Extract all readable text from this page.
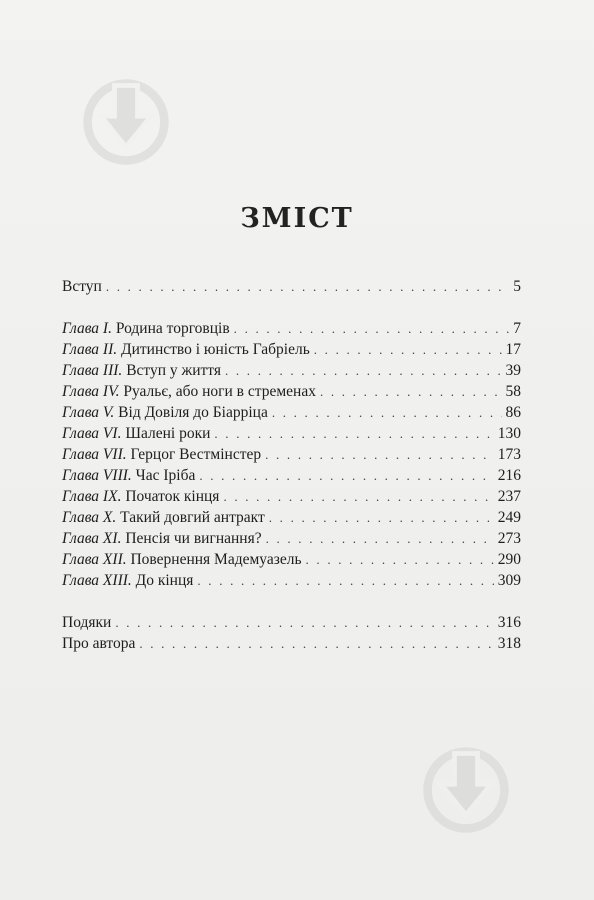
ЗМІСТ
Вступ . . .	5
Глава I. Родина торговців . . .	7
Глава II. Дитинство і юність Габріель . . .	17
Глава III. Вступ у життя . . .	39
Глава IV. Руальє, або ноги в стременах . . .	58
Глава V. Від Довіля до Біарріца . . .	86
Глава VI. Шалені роки . . .	130
Глава VII. Герцог Вестмінстер . . .	173
Глава VIII. Час Ірібa . . .	216
Глава IX. Початок кінця . . .	237
Глава X. Такий довгий антракт . . .	249
Глава XI. Пенсія чи вигнання? . . .	273
Глава XII. Повернення Мадемуазель . . .	290
Глава XIII. До кінця . . .	309
Подяки . . .	316
Про автора . . .	318
